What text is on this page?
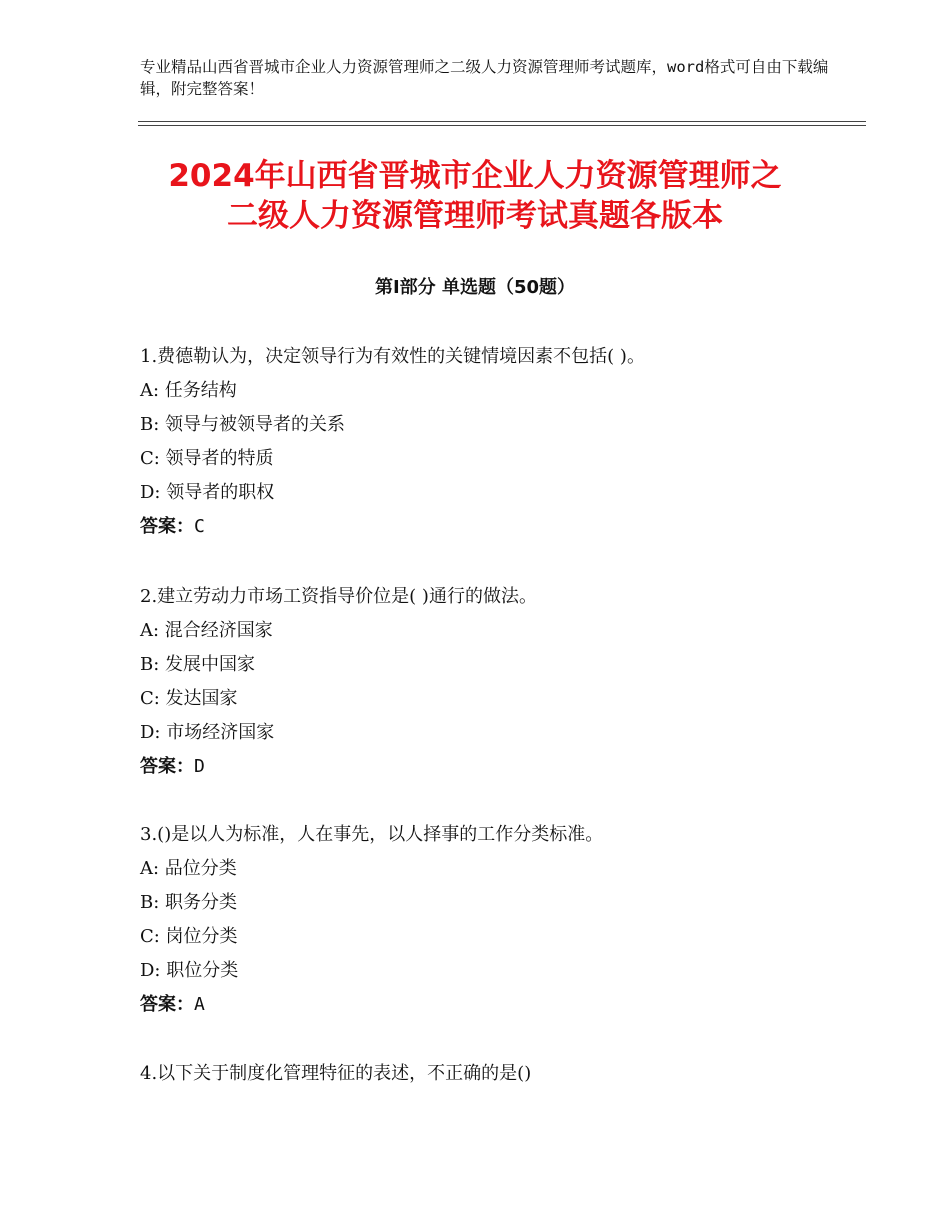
专业精品山西省晋城市企业人力资源管理师之二级人力资源管理师考试题库，word格式可自由下载编辑，附完整答案！
2024年山西省晋城市企业人力资源管理师之
二级人力资源管理师考试真题各版本
第Ⅰ部分 单选题（50题）
1.费德勒认为，决定领导行为有效性的关键情境因素不包括( )。
A: 任务结构
B: 领导与被领导者的关系
C: 领导者的特质
D: 领导者的职权
答案：C
2.建立劳动力市场工资指导价位是( )通行的做法。
A: 混合经济国家
B: 发展中国家
C: 发达国家
D: 市场经济国家
答案：D
3.()是以人为标准，人在事先，以人择事的工作分类标准。
A: 品位分类
B: 职务分类
C: 岗位分类
D: 职位分类
答案：A
4.以下关于制度化管理特征的表述，不正确的是()
